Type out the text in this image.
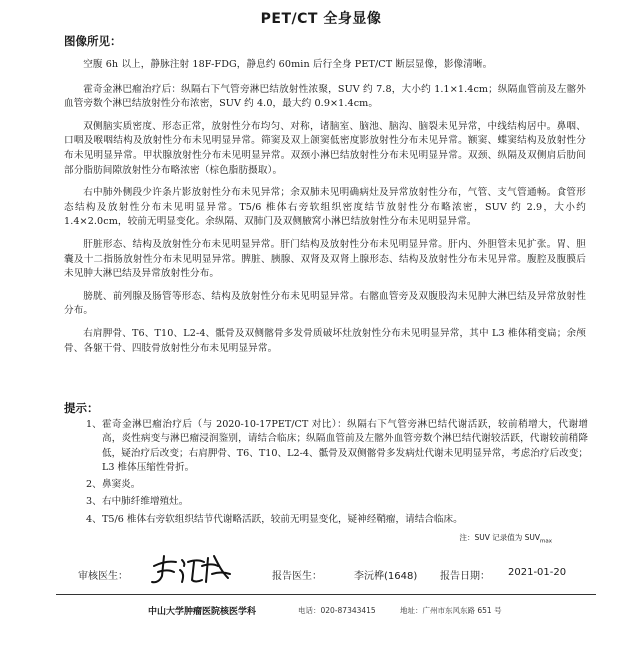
PET/CT 全身显像
图像所见：

空腹 6h 以上，静脉注射 18F-FDG，静息约 60min 后行全身 PET/CT 断层显像，影像清晰。

霍奇金淋巴瘤治疗后：纵隔右下气管旁淋巴结放射性浓聚，SUV 约 7.8，大小约 1.1×1.4cm；纵隔血管前及左髂外血管旁数个淋巴结放射性分布浓密，SUV 约 4.0，最大约 0.9×1.4cm。

双侧脑实质密度、形态正常，放射性分布均匀、对称，诸脑室、脑池、脑沟、脑裂未见异常，中线结构居中。鼻咽、口咽及喉咽结构及放射性分布未见明显异常。筛窦及双上颌窦低密度影放射性分布未见异常。额窦、蝶窦结构及放射性分布未见明显异常。甲状腺放射性分布未见明显异常。双颈小淋巴结放射性分布未见明显异常。双颈、纵隔及双侧肩后肋间部分脂肪间隙放射性分布略浓密（棕色脂肪摄取）。

右中肺外侧段少许条片影放射性分布未见异常；余双肺未见明确病灶及异常放射性分布，气管、支气管通畅。食管形态结构及放射性分布未见明显异常。T5/6 椎体右旁软组织密度结节放射性分布略浓密，SUV 约 2.9，大小约 1.4×2.0cm，较前无明显变化。余纵隔、双肺门及双侧腋窝小淋巴结放射性分布未见明显异常。

肝脏形态、结构及放射性分布未见明显异常。肝门结构及放射性分布未见明显异常。肝内、外胆管未见扩张。胃、胆囊及十二指肠放射性分布未见明显异常。脾脏、胰腺、双肾及双肾上腺形态、结构及放射性分布未见异常。腹腔及腹膜后未见肿大淋巴结及异常放射性分布。

膀胱、前列腺及肠管等形态、结构及放射性分布未见明显异常。右髂血管旁及双腹股沟未见肿大淋巴结及异常放射性分布。

右肩胛骨、T6、T10、L2-4、骶骨及双侧髂骨多发骨质破坏灶放射性分布未见明显异常，其中 L3 椎体稍变扁；余颅骨、各躯干骨、四肢骨放射性分布未见明显异常。

提示：
1、 霍奇金淋巴瘤治疗后（与 2020-10-17PET/CT 对比）：纵隔右下气管旁淋巴结代谢活跃，较前稍增大，代谢增高，炎性病变与淋巴瘤浸润鉴别，请结合临床；纵隔血管前及左髂外血管旁数个淋巴结代谢较活跃，代谢较前稍降低，疑治疗后改变；右肩胛骨、T6、T10、L2-4、骶骨及双侧髂骨多发病灶代谢未见明显异常，考虑治疗后改变；L3 椎体压缩性骨折。
2、 鼻窦炎。
3、 右中肺纤维增殖灶。
4、 T5/6 椎体右旁软组织结节代谢略活跃，较前无明显变化，疑神经鞘瘤，请结合临床。
注：SUV 记录值为 $SUV_{max}$
审核医生：	报告医生：	李沅桦(1648) 报告日期： 2021-01-20
中山大学肿瘤医院核医学科	电话：020-87343415	地址：广州市东风东路 651 号
